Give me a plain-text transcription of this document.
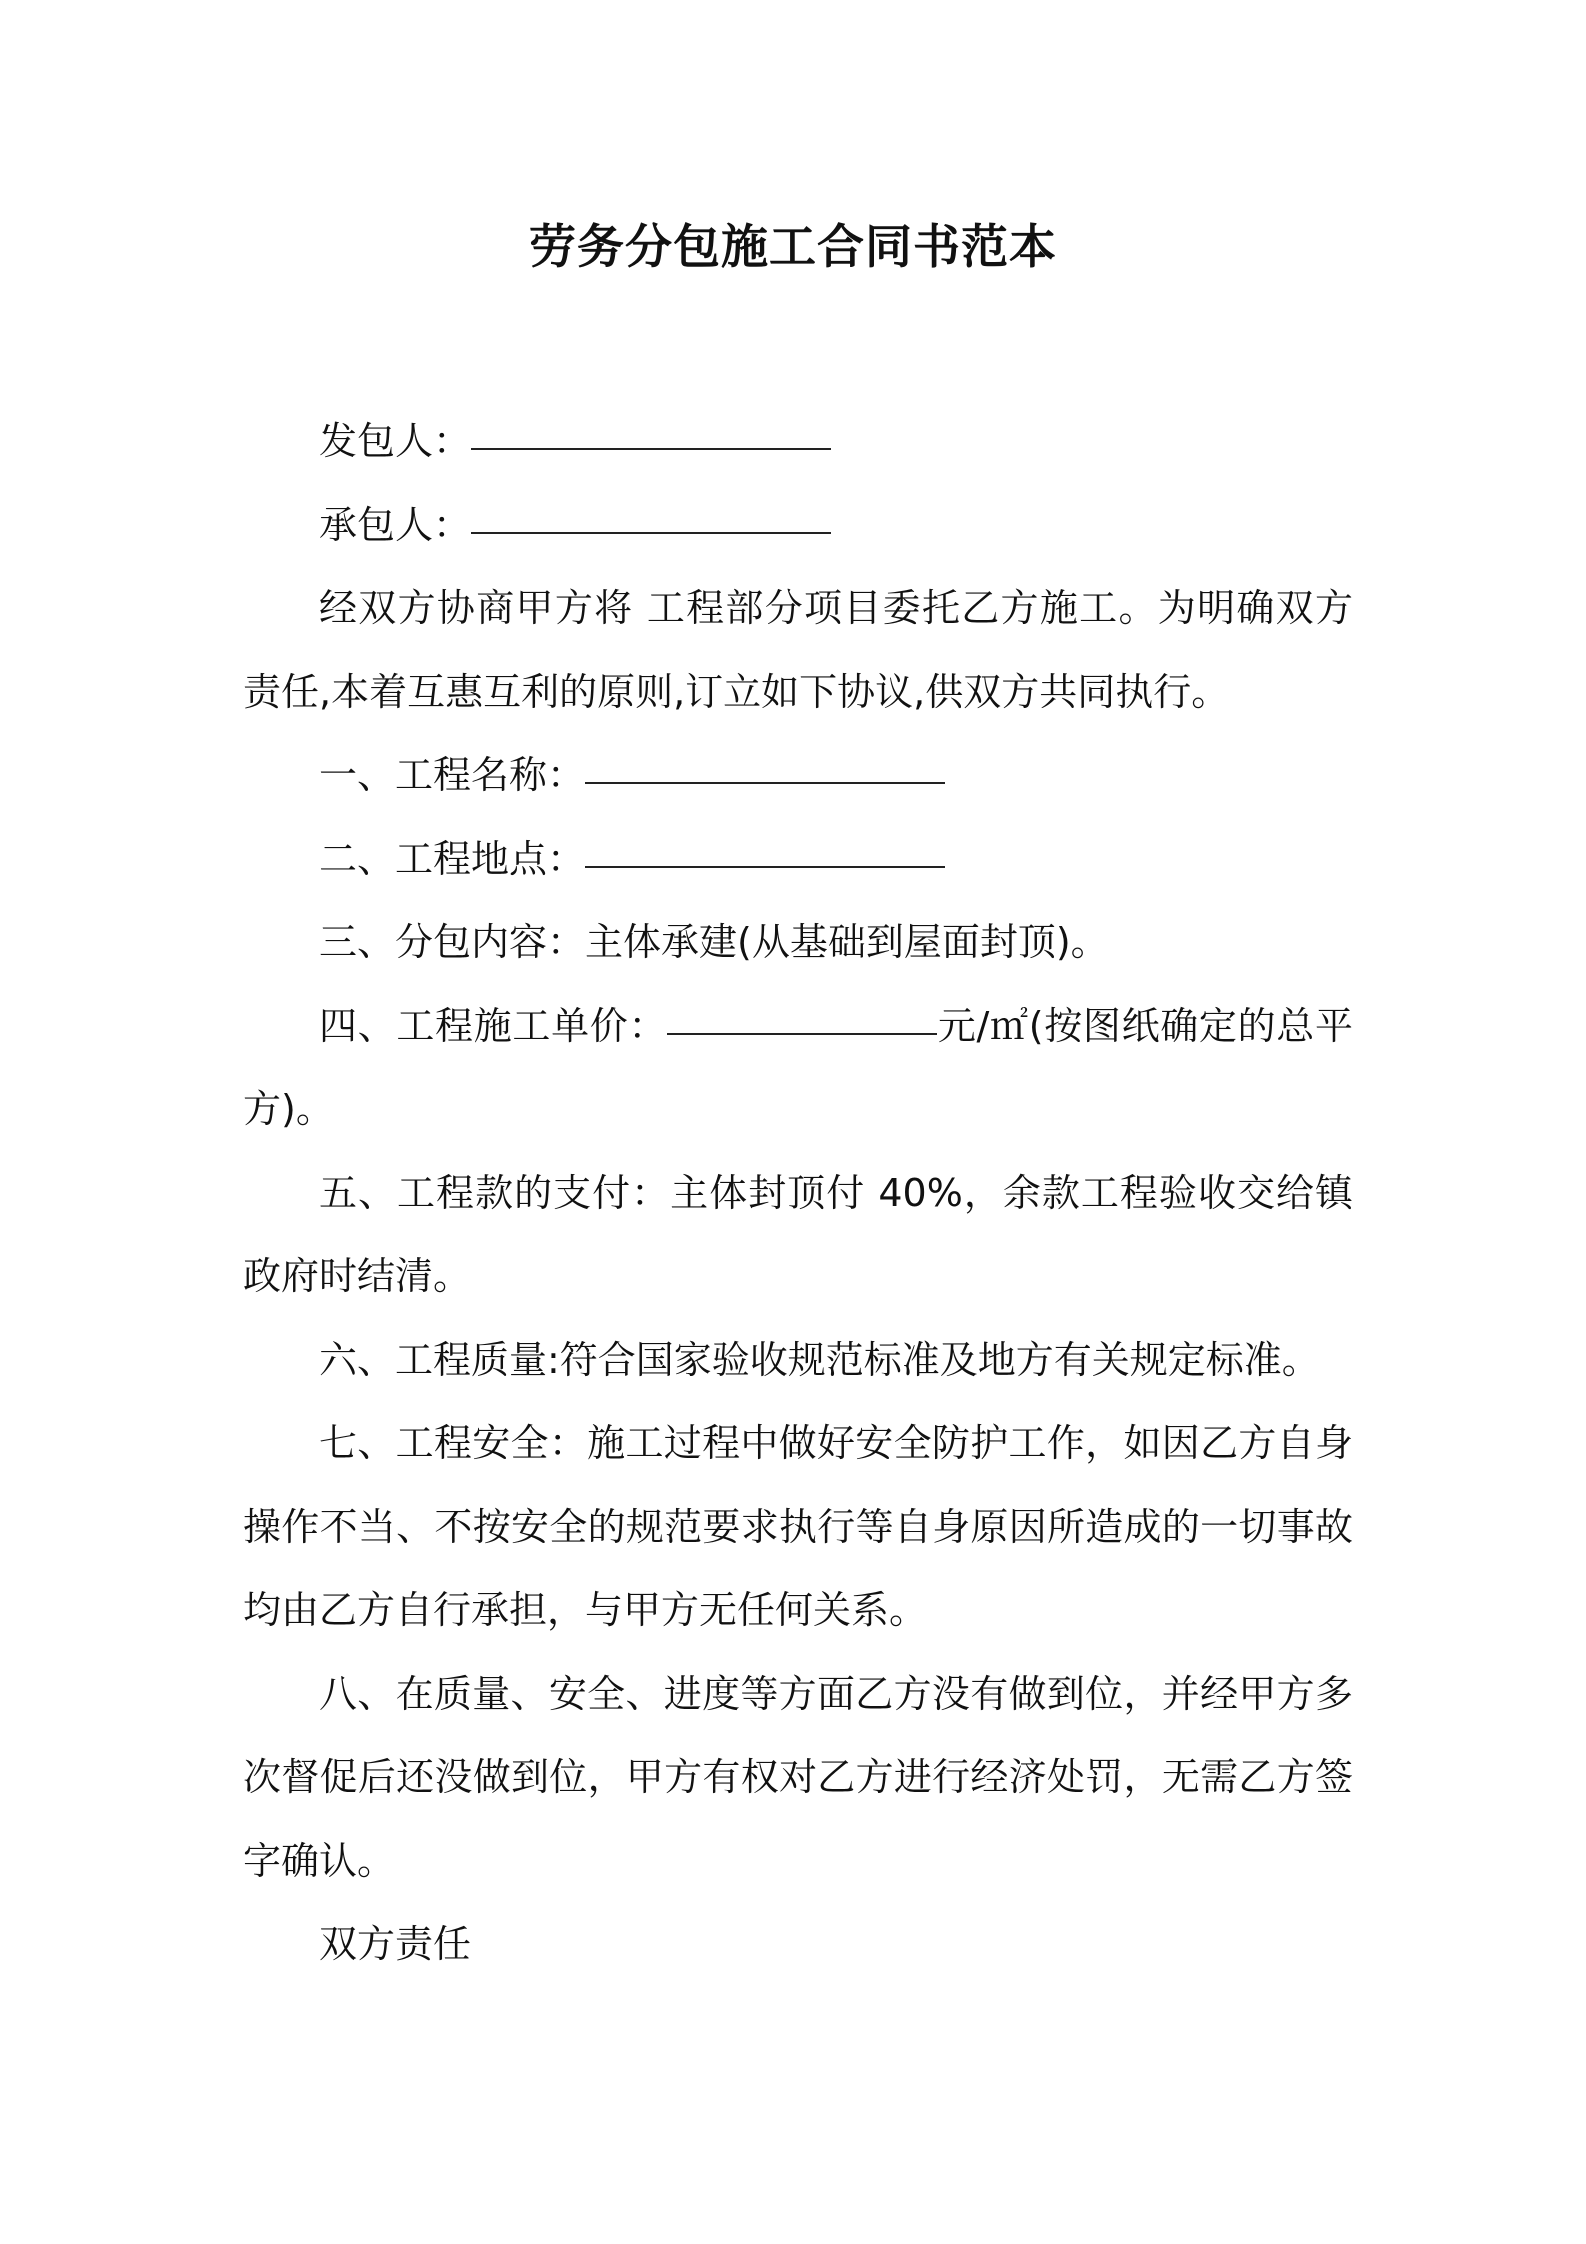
劳务分包施工合同书范本

发包人：

承包人：

经双方协商甲方将 工程部分项目委托乙方施工。为明确双方责任,本着互惠互利的原则,订立如下协议,供双方共同执行。

一、工程名称：

二、工程地点：

三、分包内容：主体承建(从基础到屋面封顶)。

四、工程施工单价：	元/㎡(按图纸确定的总平方)。

五、工程款的支付：主体封顶付 40%，余款工程验收交给镇政府时结清。

六、工程质量:符合国家验收规范标准及地方有关规定标准。

七、工程安全：施工过程中做好安全防护工作，如因乙方自身操作不当、不按安全的规范要求执行等自身原因所造成的一切事故均由乙方自行承担，与甲方无任何关系。

八、在质量、安全、进度等方面乙方没有做到位，并经甲方多次督促后还没做到位，甲方有权对乙方进行经济处罚，无需乙方签字确认。

双方责任
